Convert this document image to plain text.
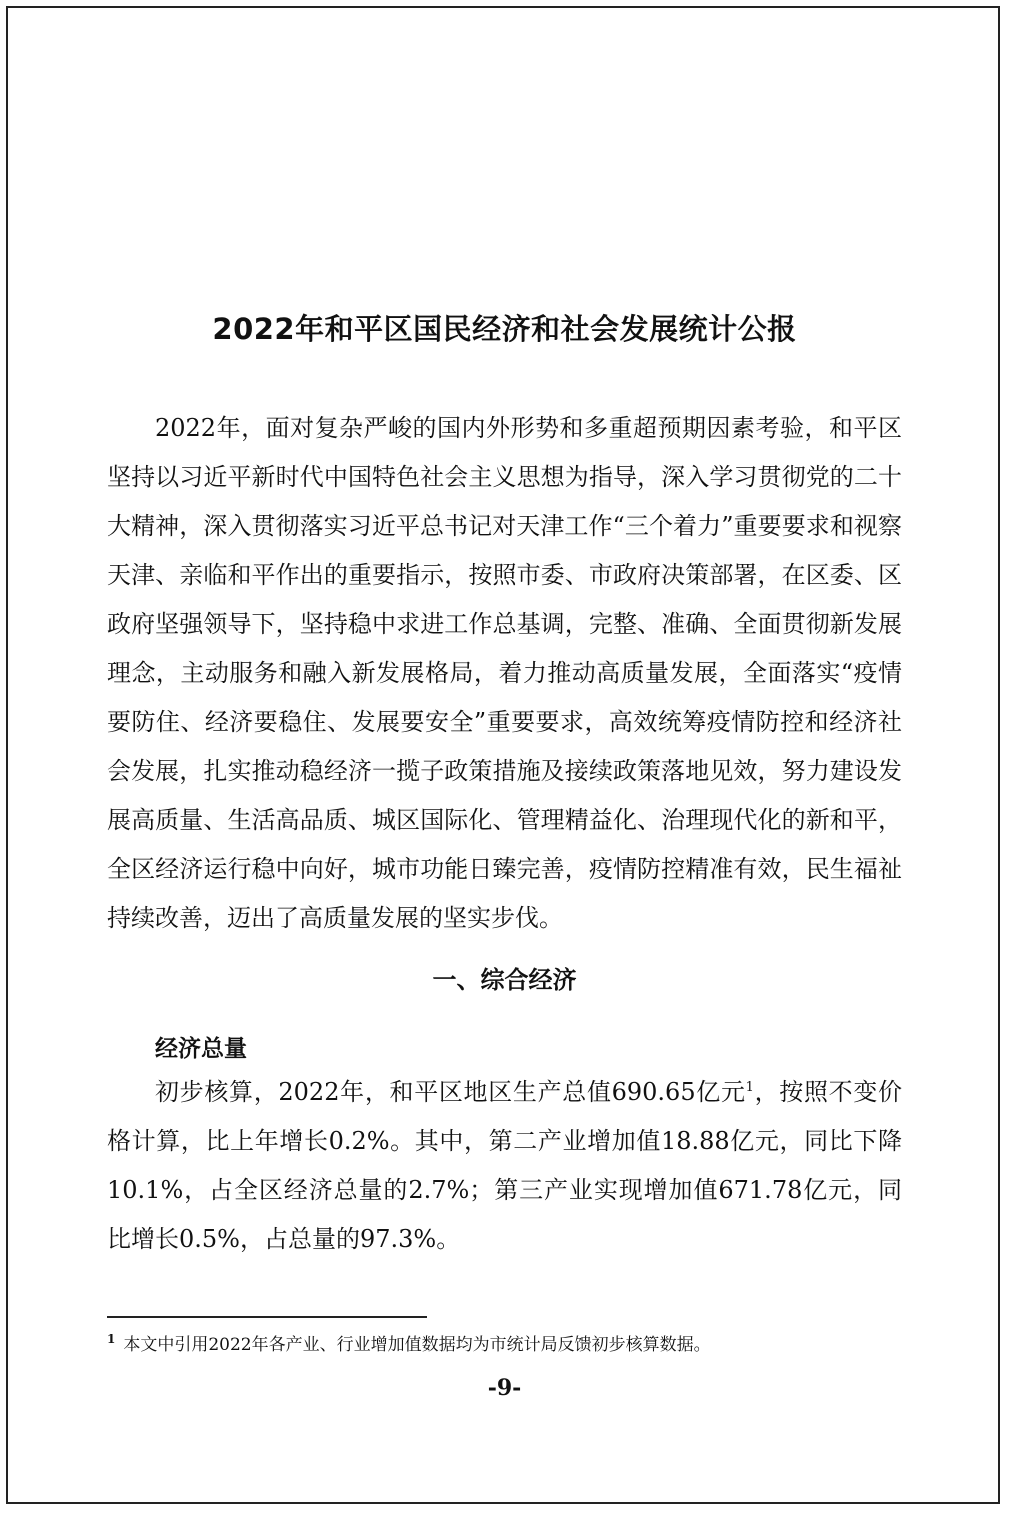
2022年和平区国民经济和社会发展统计公报

2022年，面对复杂严峻的国内外形势和多重超预期因素考验，和平区坚持以习近平新时代中国特色社会主义思想为指导，深入学习贯彻党的二十大精神，深入贯彻落实习近平总书记对天津工作“三个着力”重要要求和视察天津、亲临和平作出的重要指示，按照市委、市政府决策部署，在区委、区政府坚强领导下，坚持稳中求进工作总基调，完整、准确、全面贯彻新发展理念，主动服务和融入新发展格局，着力推动高质量发展，全面落实“疫情要防住、经济要稳住、发展要安全”重要要求，高效统筹疫情防控和经济社会发展，扎实推动稳经济一揽子政策措施及接续政策落地见效，努力建设发展高质量、生活高品质、城区国际化、管理精益化、治理现代化的新和平，全区经济运行稳中向好，城市功能日臻完善，疫情防控精准有效，民生福祉持续改善，迈出了高质量发展的坚实步伐。

一、综合经济
经济总量

初步核算，2022年，和平区地区生产总值690.65亿元$^1$，按照不变价格计算，比上年增长0.2%。其中，第二产业增加值18.88亿元，同比下降10.1%，占全区经济总量的2.7%；第三产业实现增加值671.78亿元，同比增长0.5%，占总量的97.3%。

$^1$ 本文中引用2022年各产业、行业增加值数据均为市统计局反馈初步核算数据。

-9-
